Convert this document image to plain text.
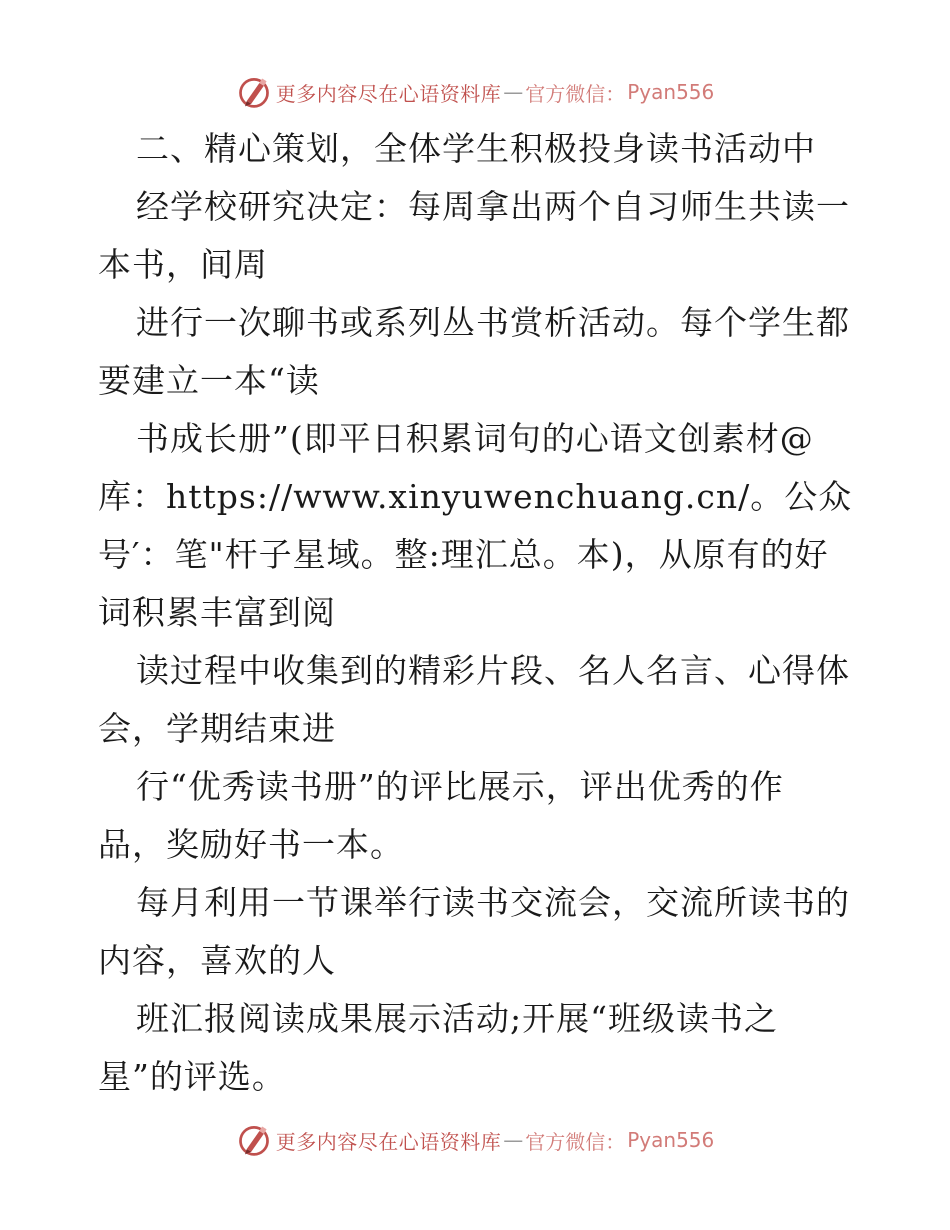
更多内容尽在心语资料库 — 官方微信： Pyan556
二、精心策划，全体学生积极投身读书活动中
经学校研究决定：每周拿出两个自习师生共读一
本书，间周
进行一次聊书或系列丛书赏析活动。每个学生都
要建立一本“读
书成长册”(即平日积累词句的心语文创素材@
库：https://www.xinyuwenchuang.cn/。公众
号′：笔"杆子星域。整:理汇总。本)，从原有的好
词积累丰富到阅
读过程中收集到的精彩片段、名人名言、心得体
会，学期结束进
行“优秀读书册”的评比展示，评出优秀的作
品，奖励好书一本。
每月利用一节课举行读书交流会，交流所读书的
内容，喜欢的人
班汇报阅读成果展示活动;开展“班级读书之
星”的评选。
更多内容尽在心语资料库 — 官方微信： Pyan556
